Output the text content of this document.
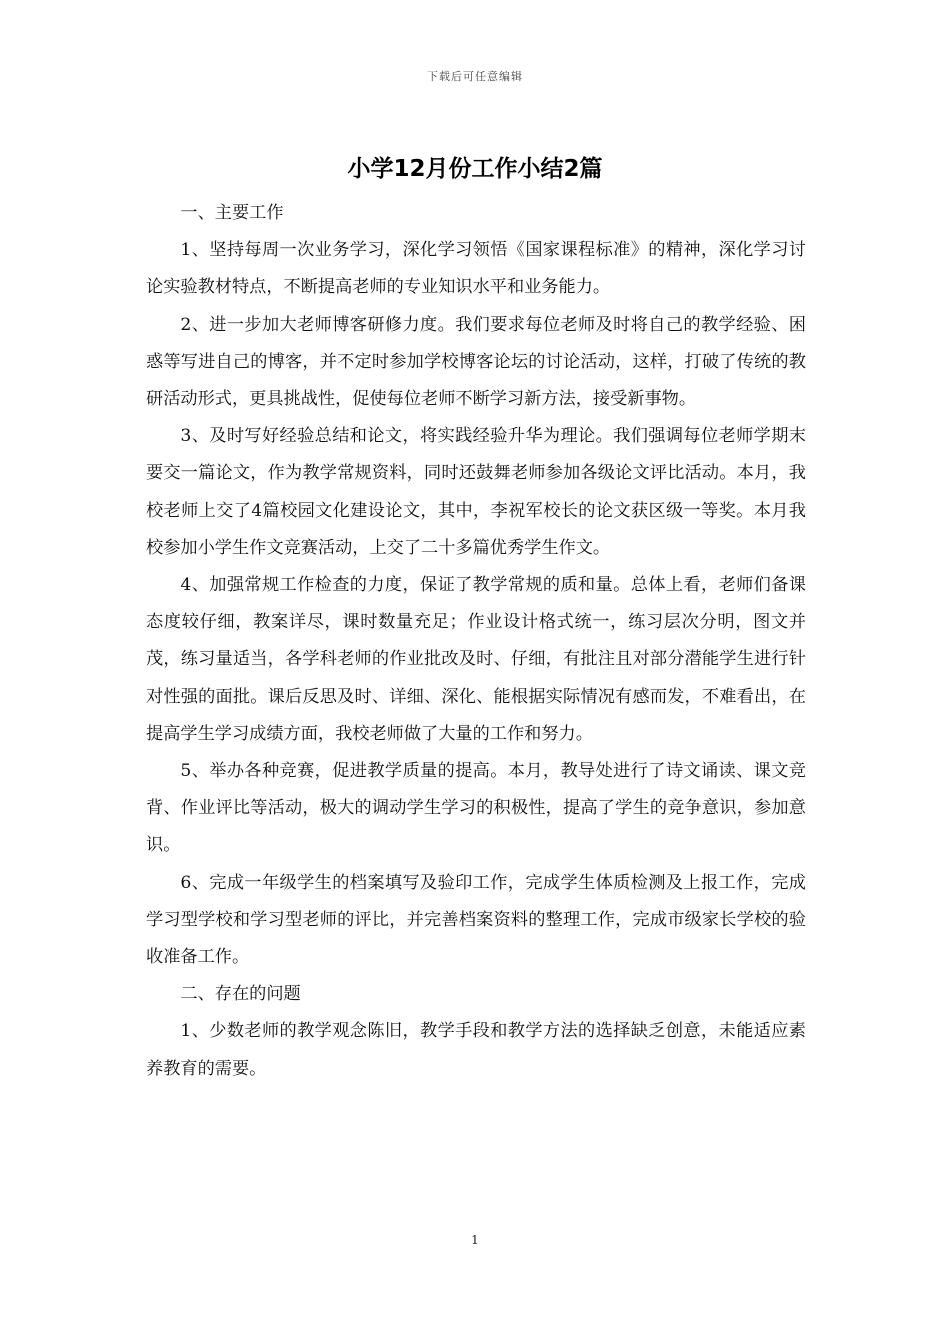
下载后可任意编辑
小学12月份工作小结2篇

一、主要工作

1、坚持每周一次业务学习，深化学习领悟《国家课程标准》的精神，深化学习讨论实验教材特点，不断提高老师的专业知识水平和业务能力。

2、进一步加大老师博客研修力度。我们要求每位老师及时将自己的教学经验、困惑等写进自己的博客，并不定时参加学校博客论坛的讨论活动，这样，打破了传统的教研活动形式，更具挑战性，促使每位老师不断学习新方法，接受新事物。

3、及时写好经验总结和论文，将实践经验升华为理论。我们强调每位老师学期末要交一篇论文，作为教学常规资料，同时还鼓舞老师参加各级论文评比活动。本月，我校老师上交了4篇校园文化建设论文，其中，李祝军校长的论文获区级一等奖。本月我校参加小学生作文竞赛活动，上交了二十多篇优秀学生作文。

4、加强常规工作检查的力度，保证了教学常规的质和量。总体上看，老师们备课态度较仔细，教案详尽，课时数量充足；作业设计格式统一，练习层次分明，图文并茂，练习量适当，各学科老师的作业批改及时、仔细，有批注且对部分潜能学生进行针对性强的面批。课后反思及时、详细、深化、能根据实际情况有感而发，不难看出，在提高学生学习成绩方面，我校老师做了大量的工作和努力。

5、举办各种竞赛，促进教学质量的提高。本月，教导处进行了诗文诵读、课文竞背、作业评比等活动，极大的调动学生学习的积极性，提高了学生的竞争意识，参加意识。

6、完成一年级学生的档案填写及验印工作，完成学生体质检测及上报工作，完成学习型学校和学习型老师的评比，并完善档案资料的整理工作，完成市级家长学校的验收准备工作。

二、存在的问题

1、少数老师的教学观念陈旧，教学手段和教学方法的选择缺乏创意，未能适应素养教育的需要。

1
